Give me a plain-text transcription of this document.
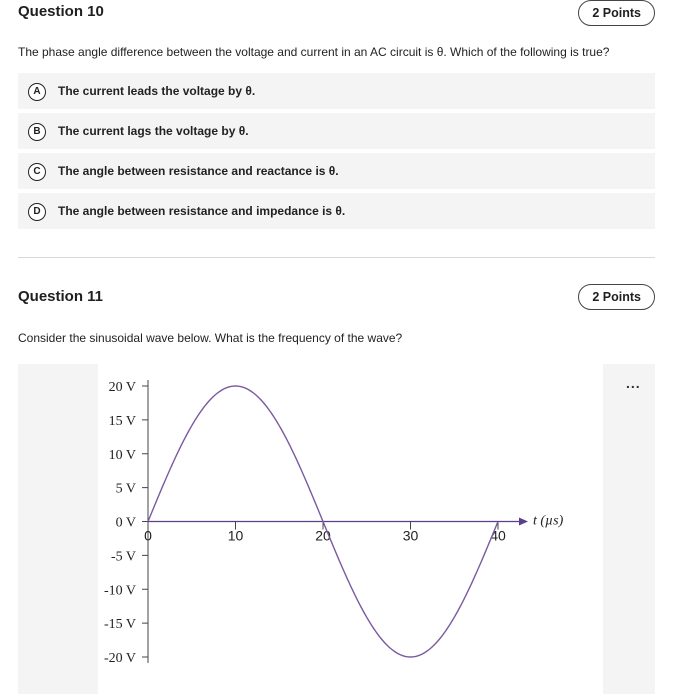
Question 10	2 Points
The phase angle difference between the voltage and current in an AC circuit is θ. Which of the following is true?
A	The current leads the voltage by θ.
B	The current lags the voltage by θ.
C	The angle between resistance and reactance is θ.
D	The angle between resistance and impedance is θ.
Question 11	2 Points
Consider the sinusoidal wave below. What is the frequency of the wave?
...
20 V
15 V
10 V
5 V
0 V
-5 V
-10 V
-15 V
-20 V
0	10	20	30	40
t (µs)
